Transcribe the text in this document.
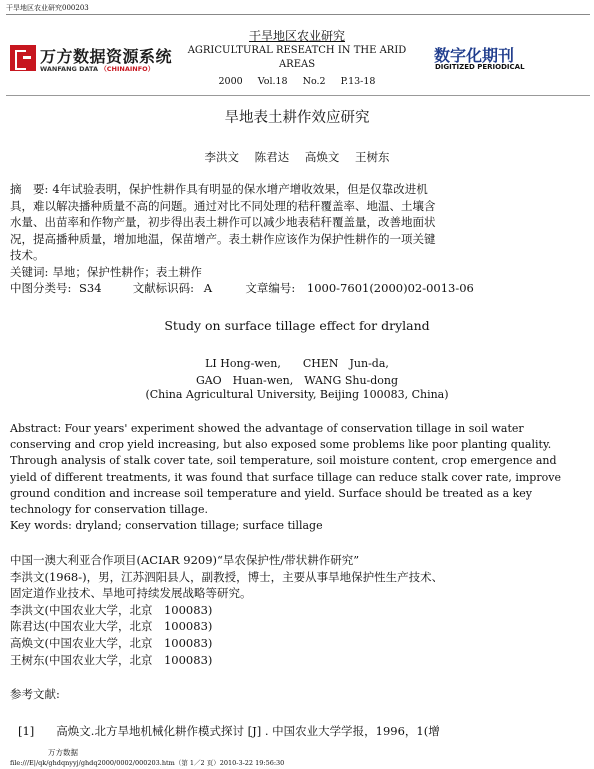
干旱地区农业研究000203
万方数据资源系统
WANFANG DATA （CHINAINFO）
干旱地区农业研究
AGRICULTURAL RESEATCH IN THE ARID
AREAS
2000 Vol.18 No.2 P.13-18
数字化期刊
DIGITIZED PERIODICAL
旱地表土耕作效应研究
李洪文 陈君达 高焕文 王树东
摘　要: 4年试验表明，保护性耕作具有明显的保水增产增收效果，但是仅靠改进机
具，难以解决播种质量不高的问题。通过对比不同处理的秸秆覆盖率、地温、土壤含
水量、出苗率和作物产量，初步得出表土耕作可以减少地表秸秆覆盖量，改善地面状
况，提高播种质量，增加地温，保苗增产。表土耕作应该作为保护性耕作的一项关键
技术。
关键词: 旱地；保护性耕作；表土耕作
中图分类号: S34	文献标识码: A	文章编号: 1000-7601(2000)02-0013-06
Study on surface tillage effect for dryland
LI Hong-wen,　　CHEN　Jun-da,
GAO　Huan-wen,　WANG Shu-dong
(China Agricultural University, Beijing 100083, China)
Abstract: Four years' experiment showed the advantage of conservation tillage in soil water
conserving and crop yield increasing, but also exposed some problems like poor planting quality.
Through analysis of stalk cover tate, soil temperature, soil moisture content, crop emergence and
yield of different treatments, it was found that surface tillage can reduce stalk cover rate, improve
ground condition and increase soil temperature and yield. Surface should be treated as a key
technology for conservation tillage.
Key words: dryland; conservation tillage; surface tillage
中国一澳大利亚合作项目(ACIAR 9209)“旱农保护性/带状耕作研究”
李洪文(1968-)，男，江苏泗阳县人，副教授，博士，主要从事旱地保护性生产技术、
固定道作业技术、旱地可持续发展战略等研究。
李洪文(中国农业大学，北京　100083)
陈君达(中国农业大学，北京　100083)
高焕文(中国农业大学，北京　100083)
王树东(中国农业大学，北京　100083)
参考文献:
[1] 高焕文.北方旱地机械化耕作模式探讨 [J] . 中国农业大学学报，1996，1(增
万方数据
file:///E|/qk/ghdqnyyj/ghdq2000/0002/000203.htm（第 1／2 页）2010-3-22 19:56:30
